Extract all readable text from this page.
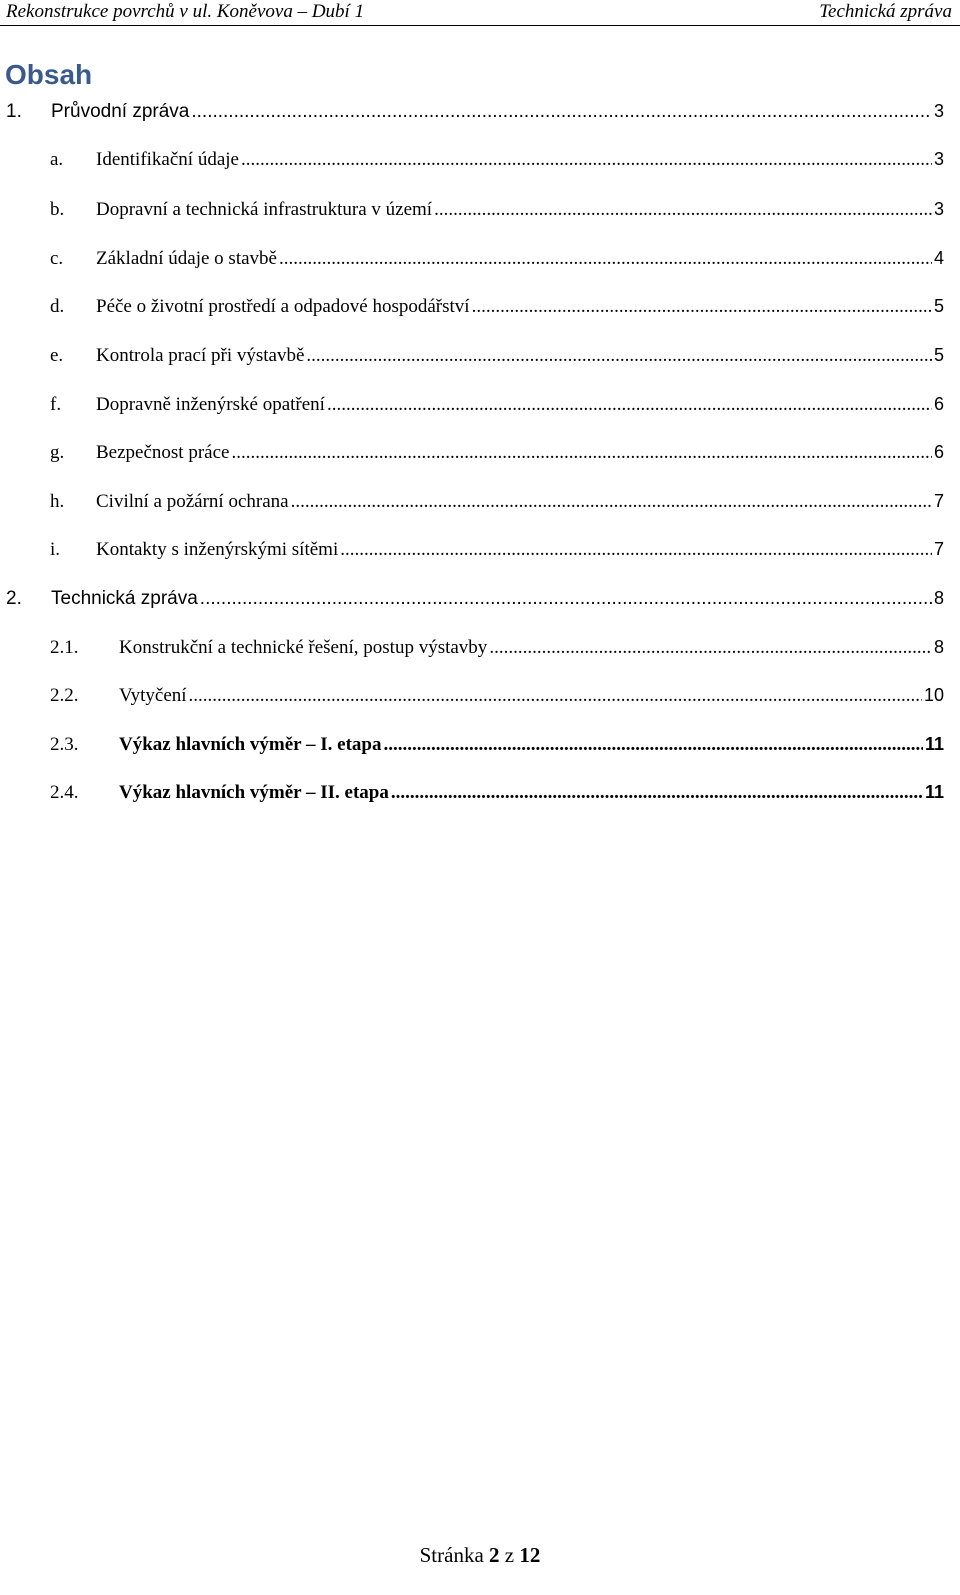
Rekonstrukce povrchů v ul. Koněvova – Dubí 1	Technická zpráva
Obsah
1.	Průvodní zpráva .....	3
a.	Identifikační údaje .....	3
b.	Dopravní a technická infrastruktura v území .....	3
c.	Základní údaje o stavbě .....	4
d.	Péče o životní prostředí a odpadové hospodářství .....	5
e.	Kontrola prací při výstavbě .....	5
f.	Dopravně inženýrské opatření .....	6
g.	Bezpečnost práce .....	6
h.	Civilní a požární ochrana .....	7
i.	Kontakty s inženýrskými sítěmi .....	7
2.	Technická zpráva .....	8
2.1.	Konstrukční a technické řešení, postup výstavby .....	8
2.2.	Vytyčení .....	10
2.3.	Výkaz hlavních výměr – I. etapa .....	11
2.4.	Výkaz hlavních výměr – II. etapa .....	11
Stránka 2 z 12
